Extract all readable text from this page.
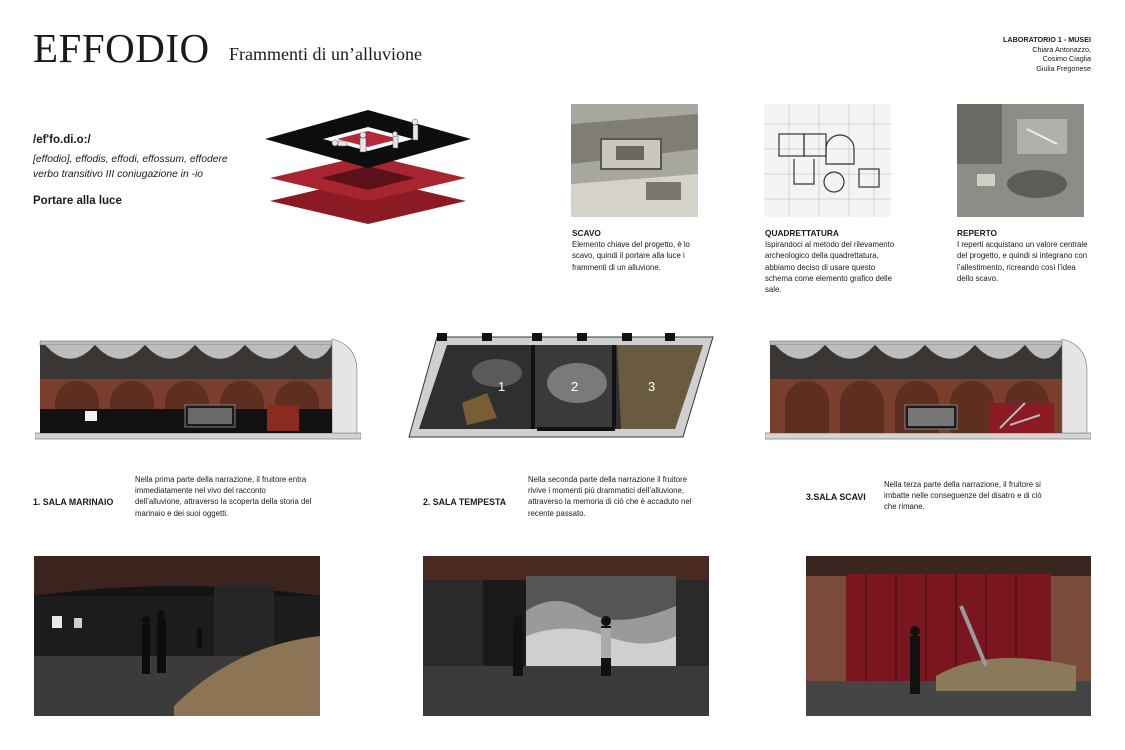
EFFODIO Frammenti di un’alluvione
LABORATORIO 1 - MUSEI
Chiara Antonazzo,
Cosimo Ciaglia
Giulia Fregonese
/ef'fo.di.o:/
[effodio], effodis, effodi, effossum, effodere
verbo transitivo III coniugazione in -io
Portare alla luce
SCAVO
Elemento chiave del progetto, è lo scavo, quindi il portare alla luce i frammenti di un alluvione.
QUADRETTATURA
Ispirandoci al metodo del rilevamento archeologico della quadrettatura, abbiamo deciso di usare questo schema come elemento grafico delle sale.
REPERTO
I reperti acquistano un valore centrale del progetto, e quindi si integrano con l’allestimento, ricreando così l’idea dello scavo.
1	2	3
1. SALA MARINAIO
Nella prima parte della narrazione, il fruitore entra immediatamente nel vivo del racconto dell’alluvione, attraverso la scoperta della storia del marinaio e dei suoi oggetti.
2. SALA TEMPESTA
Nella seconda parte della narrazione il fruitore rivive i momenti più drammatici dell’alluvione, attraverso la memoria di ciò che è accaduto nel recente passato.
3.SALA SCAVI
Nella terza parte della narrazione, il fruitore si imbatte nelle conseguenze del disatro e di ciò che rimane.
